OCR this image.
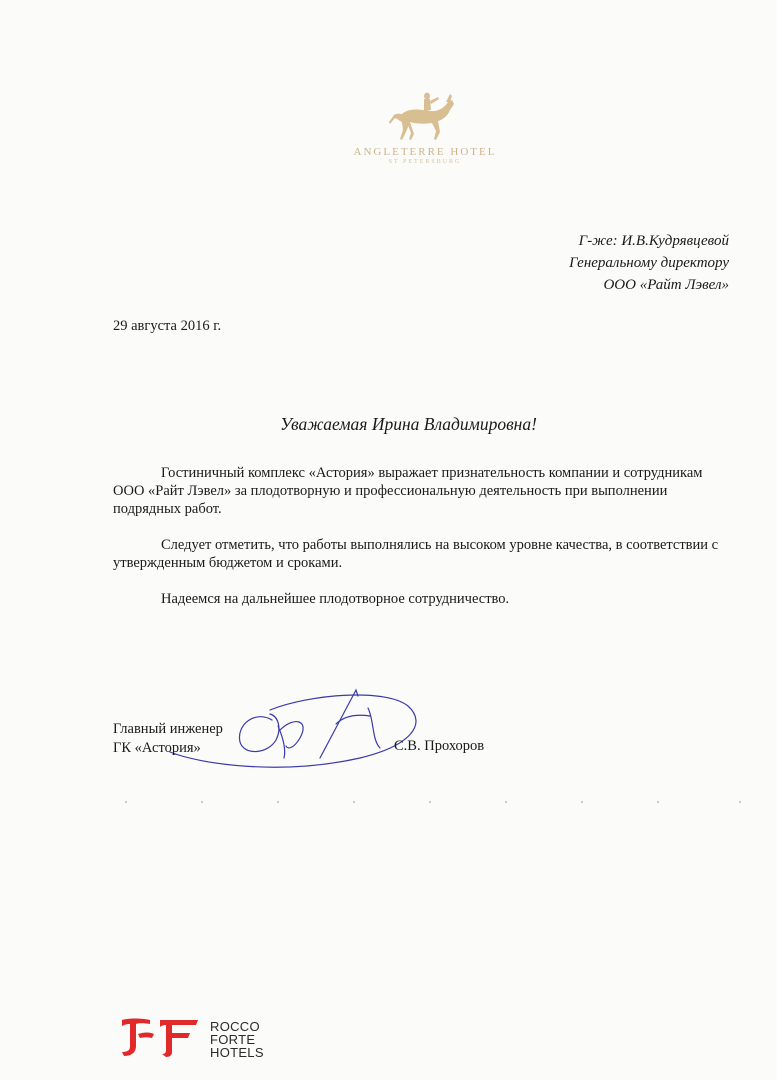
ANGLETERRE HOTEL
ST PETERSBURG
Г-же: И.В.Кудрявцевой
Генеральному директору
ООО «Райт Лэвел»
29 августа 2016 г.
Уважаемая Ирина Владимировна!

Гостиничный комплекс «Астория» выражает признательность компании и сотрудникам ООО «Райт Лэвел» за плодотворную и профессиональную деятельность при выполнении подрядных работ.

Следует отметить, что работы выполнялись на высоком уровне качества, в соответствии с утвержденным бюджетом и сроками.

Надеемся на дальнейшее плодотворное сотрудничество.

Главный инженер
ГК «Астория»	С.В. Прохоров
ROCCO
FORTE
HOTELS
